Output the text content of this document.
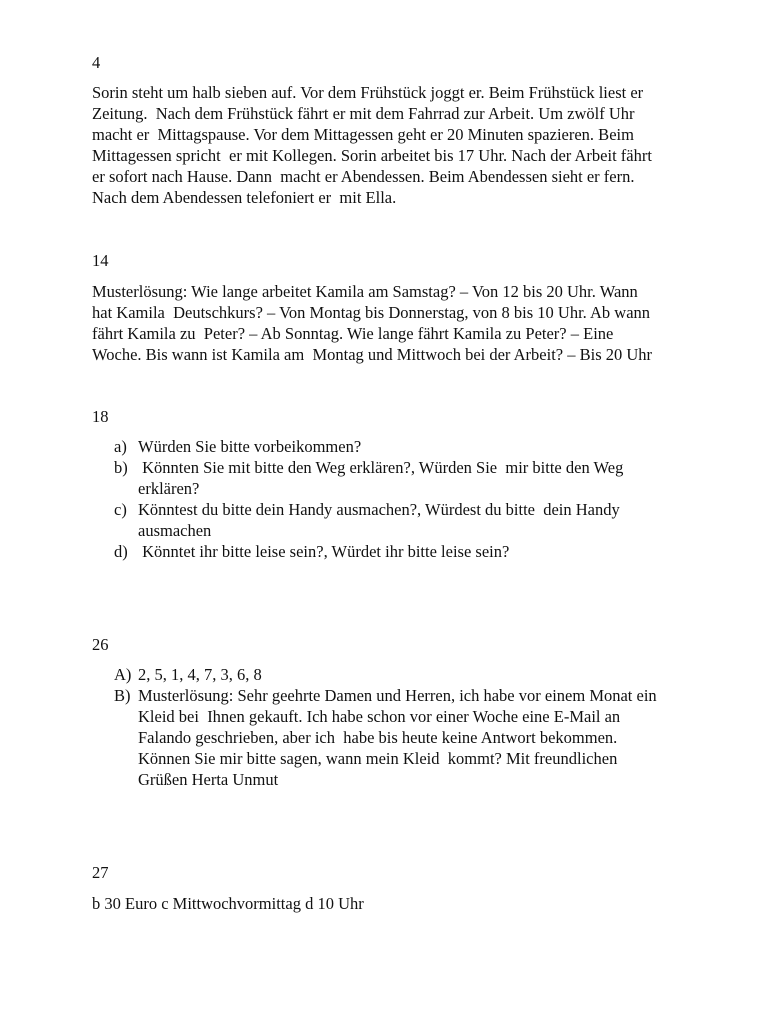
4

Sorin steht um halb sieben auf. Vor dem Frühstück joggt er. Beim Frühstück liest er
Zeitung.  Nach dem Frühstück fährt er mit dem Fahrrad zur Arbeit. Um zwölf Uhr
macht er  Mittagspause. Vor dem Mittagessen geht er 20 Minuten spazieren. Beim
Mittagessen spricht  er mit Kollegen. Sorin arbeitet bis 17 Uhr. Nach der Arbeit fährt
er sofort nach Hause. Dann  macht er Abendessen. Beim Abendessen sieht er fern.
Nach dem Abendessen telefoniert er  mit Ella.

14

Musterlösung: Wie lange arbeitet Kamila am Samstag? – Von 12 bis 20 Uhr. Wann
hat Kamila  Deutschkurs? – Von Montag bis Donnerstag, von 8 bis 10 Uhr. Ab wann
fährt Kamila zu  Peter? – Ab Sonntag. Wie lange fährt Kamila zu Peter? – Eine
Woche. Bis wann ist Kamila am  Montag und Mittwoch bei der Arbeit? – Bis 20 Uhr

18

a) Würden Sie bitte vorbeikommen?
b) Könnten Sie mit bitte den Weg erklären?, Würden Sie  mir bitte den Weg
erklären?
c) Könntest du bitte dein Handy ausmachen?, Würdest du bitte  dein Handy
ausmachen
d) Könntet ihr bitte leise sein?, Würdet ihr bitte leise sein?

26

A) 2, 5, 1, 4, 7, 3, 6, 8
B) Musterlösung: Sehr geehrte Damen und Herren, ich habe vor einem Monat ein
Kleid bei  Ihnen gekauft. Ich habe schon vor einer Woche eine E-Mail an
Falando geschrieben, aber ich  habe bis heute keine Antwort bekommen.
Können Sie mir bitte sagen, wann mein Kleid  kommt? Mit freundlichen
Grüßen Herta Unmut

27

b 30 Euro c Mittwochvormittag d 10 Uhr
